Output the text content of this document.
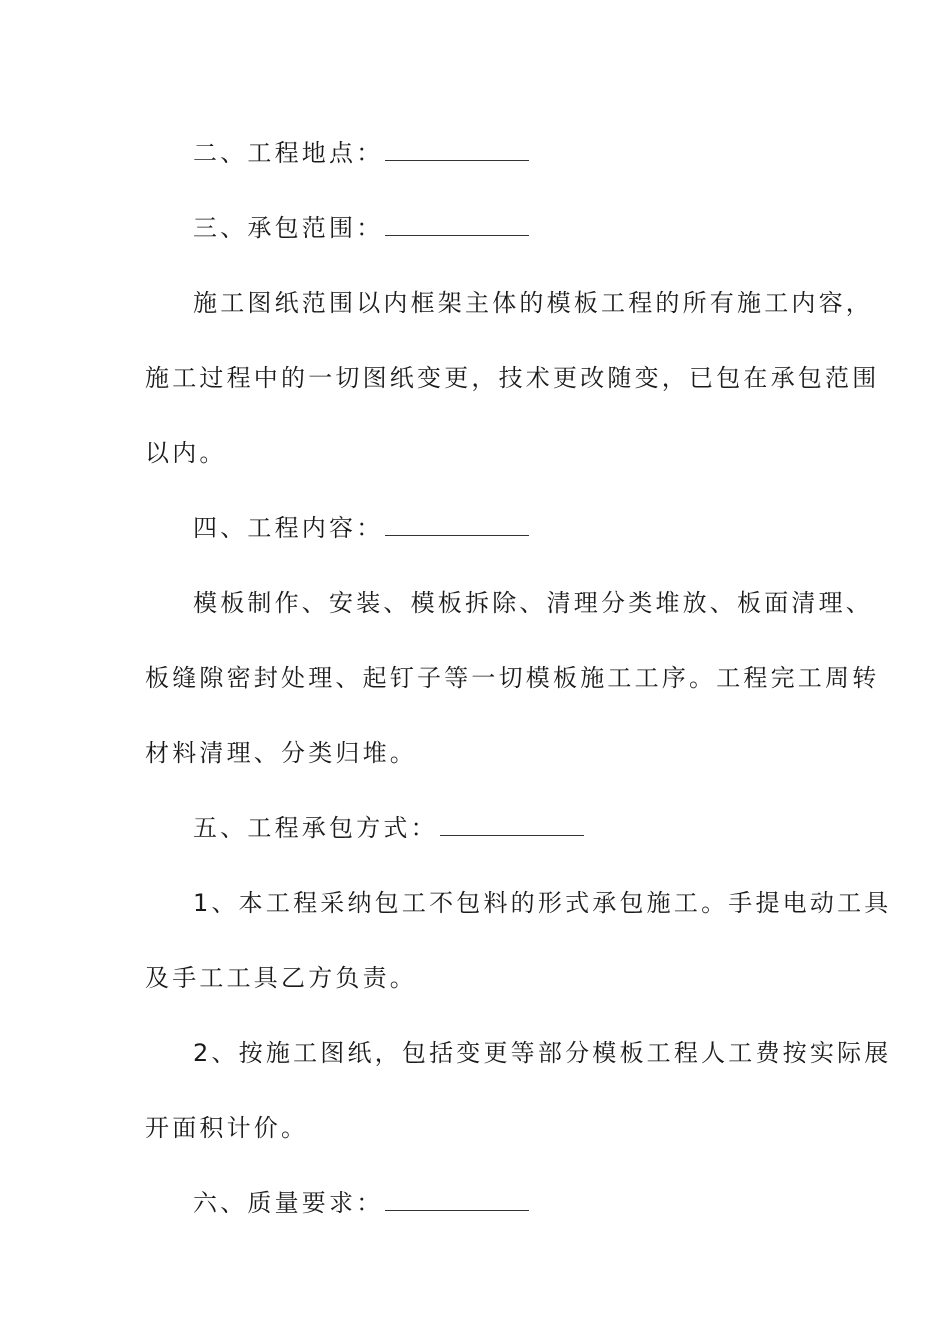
二、工程地点：
三、承包范围：
施工图纸范围以内框架主体的模板工程的所有施工内容，
施工过程中的一切图纸变更，技术更改随变，已包在承包范围
以内。
四、工程内容：
模板制作、安装、模板拆除、清理分类堆放、板面清理、
板缝隙密封处理、起钉子等一切模板施工工序。工程完工周转
材料清理、分类归堆。
五、工程承包方式：
1、本工程采纳包工不包料的形式承包施工。手提电动工具
及手工工具乙方负责。
2、按施工图纸，包括变更等部分模板工程人工费按实际展
开面积计价。
六、质量要求：
